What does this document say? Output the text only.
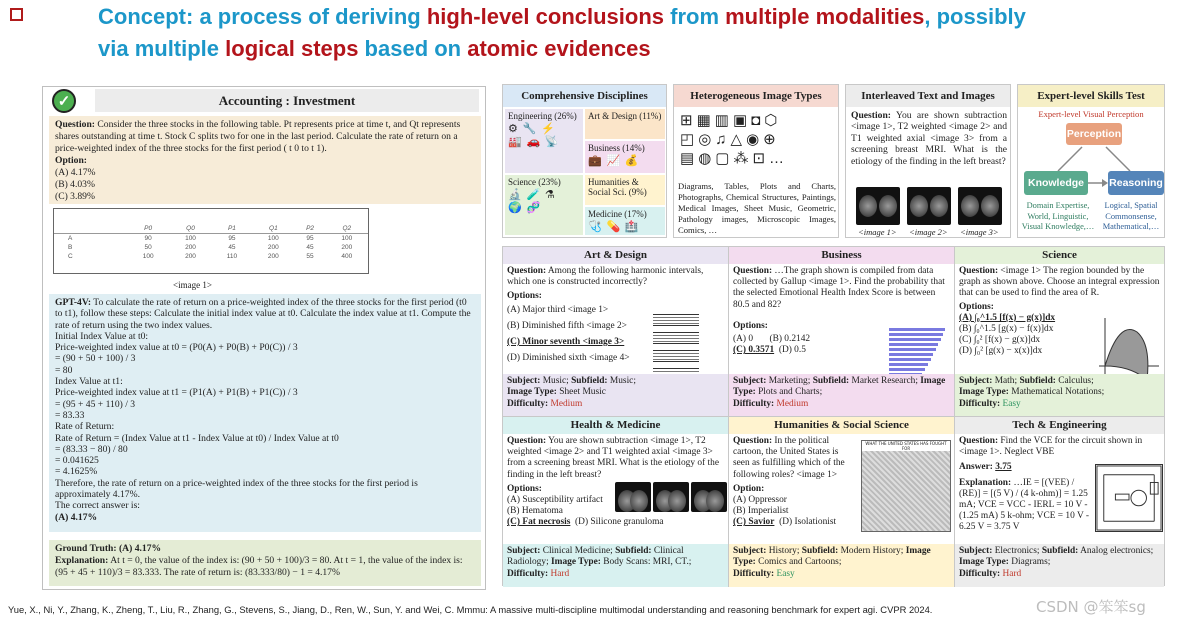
Concept: a process of deriving high-level conclusions from multiple modalities, possibly
via multiple logical steps based on atomic evidences
✓	Accounting : Investment
Question: Consider the three stocks in the following table. Pt represents price at time t, and Qt represents shares outstanding at time t. Stock C splits two for one in the last period. Calculate the rate of return on a price-weighted index of the three stocks for the first period ( t 0 to t 1).
Option:
(A) 4.17%
(B) 4.03%
(C) 3.89%
	P0	Q0	P1	Q1	P2	Q2
A	90	100	95	100	95	100
B	50	200	45	200	45	200
C	100	200	110	200	55	400
<image 1>
GPT-4V: To calculate the rate of return on a price-weighted index of the three stocks for the first period (t0 to t1), follow these steps: Calculate the initial index value at t0. Calculate the index value at t1. Compute the rate of return using the two index values.
Initial Index Value at t0:
Price-weighted index value at t0 = (P0(A) + P0(B) + P0(C)) / 3
= (90 + 50 + 100) / 3
= 80
Index Value at t1:
Price-weighted index value at t1 = (P1(A) + P1(B) + P1(C)) / 3
= (95 + 45 + 110) / 3
= 83.33
Rate of Return:
Rate of Return = (Index Value at t1 - Index Value at t0) / Index Value at t0
= (83.33 − 80) / 80
= 0.041625
= 4.1625%
Therefore, the rate of return on a price-weighted index of the three stocks for the first period is approximately 4.17%.
The correct answer is:
(A) 4.17%
Ground Truth: (A) 4.17%
Explanation: At t = 0, the value of the index is: (90 + 50 + 100)/3 = 80. At t = 1, the value of the index is: (95 + 45 + 110)/3 = 83.333. The rate of return is: (83.333/80) − 1 = 4.17%
Comprehensive Disciplines
Engineering (26%)
⚙ 🔧 ⚡
🏭 🚗 📡
Art & Design (11%)
Business (14%)
💼 📈 💰
Science (23%)
🔬 🧪 ⚗
🌍 🧬
Humanities & Social Sci. (9%)
Medicine (17%)
🩺 💊 🏥
Heterogeneous Image Types
⊞▦▥▣◘⬡
◰◎♫△◉⊕
▤◍▢⁂⊡…
Diagrams, Tables, Plots and Charts, Photographs, Chemical Structures, Paintings, Medical Images, Sheet Music, Geometric, Pathology images, Microscopic Images, Comics, …
Interleaved Text and Images
Question: You are shown subtraction <image 1>, T2 weighted <image 2> and T1 weighted axial <image 3> from a screening breast MRI. What is the etiology of the finding in the left breast?
<image 1> <image 2> <image 3>
Expert-level Skills Test
Expert-level Visual Perception
Perception
Knowledge	Reasoning
Domain Expertise, World, Linguistic, Visual Knowledge,…
Logical, Spatial Commonsense, Mathematical,…
Art & Design
Question: Among the following harmonic intervals, which one is constructed incorrectly?
Options:
(A) Major third <image 1>
(B) Diminished fifth <image 2>
(C) Minor seventh <image 3>
(D) Diminished sixth <image 4>
Subject: Music; Subfield: Music;
Image Type: Sheet Music
Difficulty: Medium
Business
Question: …The graph shown is compiled from data collected by Gallup <image 1>. Find the probability that the selected Emotional Health Index Score is between 80.5 and 82?
Options:
(A) 0 (B) 0.2142
(C) 0.3571 (D) 0.5
Subject: Marketing; Subfield: Market Research; Image Type: Plots and Charts;
Difficulty: Medium
Science
Question: <image 1> The region bounded by the graph as shown above. Choose an integral expression that can be used to find the area of R.
Options:
(A) ∫₀^1.5 [f(x) − g(x)]dx
(B) ∫₀^1.5 [g(x) − f(x)]dx
(C) ∫₀² [f(x) − g(x)]dx
(D) ∫₀² [g(x) − x(x)]dx
Subject: Math; Subfield: Calculus;
Image Type: Mathematical Notations;
Difficulty: Easy
Health & Medicine
Question: You are shown subtraction <image 1>, T2 weighted <image 2> and T1 weighted axial <image 3> from a screening breast MRI. What is the etiology of the finding in the left breast?
Options:
(A) Susceptibility artifact
(B) Hematoma
(C) Fat necrosis (D) Silicone granuloma
Subject: Clinical Medicine; Subfield: Clinical Radiology; Image Type: Body Scans: MRI, CT.;
Difficulty: Hard
Humanities & Social Science
Question: In the political cartoon, the United States is seen as fulfilling which of the following roles? <image 1>
Option:
(A) Oppressor
(B) Imperialist
(C) Savior (D) Isolationist
WHAT THE UNITED STATES HAS FOUGHT FOR
Subject: History; Subfield: Modern History; Image Type: Comics and Cartoons;
Difficulty: Easy
Tech & Engineering
Question: Find the VCE for the circuit shown in <image 1>. Neglect VBE
Answer: 3.75
Explanation: …IE = [(VEE) / (RE)] = [(5 V) / (4 k-ohm)] = 1.25 mA; VCE = VCC - IERL = 10 V - (1.25 mA) 5 k-ohm; VCE = 10 V - 6.25 V = 3.75 V
Subject: Electronics; Subfield: Analog electronics;
Image Type: Diagrams;
Difficulty: Hard
Yue, X., Ni, Y., Zhang, K., Zheng, T., Liu, R., Zhang, G., Stevens, S., Jiang, D., Ren, W., Sun, Y. and Wei, C. Mmmu: A massive multi-discipline multimodal understanding and reasoning benchmark for expert agi. CVPR 2024.	CSDN @笨笨sg
